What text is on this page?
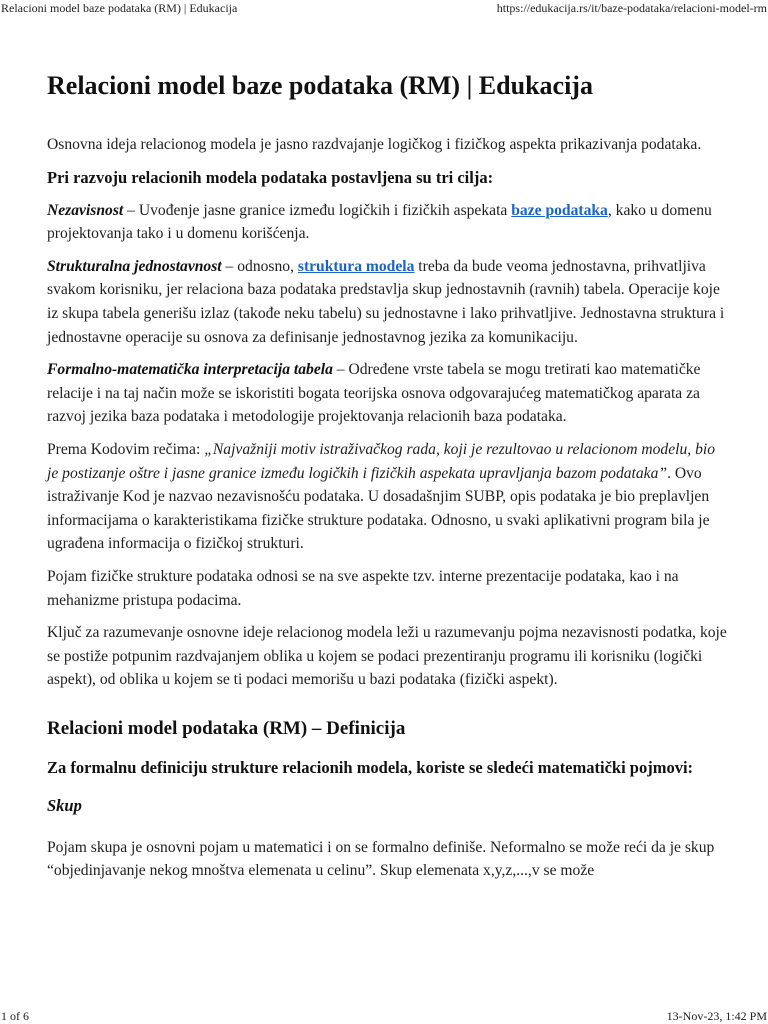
Relacioni model baze podataka (RM) | Edukacija	https://edukacija.rs/it/baze-podataka/relacioni-model-rm
Relacioni model baze podataka (RM) | Edukacija

Osnovna ideja relacionog modela je jasno razdvajanje logičkog i fizičkog aspekta prikazivanja podataka.

Pri razvoju relacionih modela podataka postavljena su tri cilja:

Nezavisnost – Uvođenje jasne granice između logičkih i fizičkih aspekata baze podataka, kako u domenu projektovanja tako i u domenu korišćenja.

Strukturalna jednostavnost – odnosno, struktura modela treba da bude veoma jednostavna, prihvatljiva svakom korisniku, jer relaciona baza podataka predstavlja skup jednostavnih (ravnih) tabela. Operacije koje iz skupa tabela generišu izlaz (takođe neku tabelu) su jednostavne i lako prihvatljive. Jednostavna struktura i jednostavne operacije su osnova za definisanje jednostavnog jezika za komunikaciju.

Formalno-matematička interpretacija tabela – Određene vrste tabela se mogu tretirati kao matematičke relacije i na taj način može se iskoristiti bogata teorijska osnova odgovarajućeg matematičkog aparata za razvoj jezika baza podataka i metodologije projektovanja relacionih baza podataka.

Prema Kodovim rečima: „Najvažniji motiv istraživačkog rada, koji je rezultovao u relacionom modelu, bio je postizanje oštre i jasne granice između logičkih i fizičkih aspekata upravljanja bazom podataka”. Ovo istraživanje Kod je nazvao nezavisnošću podataka. U dosadašnjim SUBP, opis podataka je bio preplavljen informacijama o karakteristikama fizičke strukture podataka. Odnosno, u svaki aplikativni program bila je ugrađena informacija o fizičkoj strukturi.

Pojam fizičke strukture podataka odnosi se na sve aspekte tzv. interne prezentacije podataka, kao i na mehanizme pristupa podacima.

Ključ za razumevanje osnovne ideje relacionog modela leži u razumevanju pojma nezavisnosti podatka, koje se postiže potpunim razdvajanjem oblika u kojem se podaci prezentiranju programu ili korisniku (logički aspekt), od oblika u kojem se ti podaci memorišu u bazi podataka (fizički aspekt).

Relacioni model podataka (RM) – Definicija
Za formalnu definiciju strukture relacionih modela, koriste se sledeći matematički pojmovi:
Skup

Pojam skupa je osnovni pojam u matematici i on se formalno definiše. Neformalno se može reći da je skup “objedinjavanje nekog mnoštva elemenata u celinu”. Skup elemenata x,y,z,...,v se može

1 of 6	13-Nov-23, 1:42 PM
